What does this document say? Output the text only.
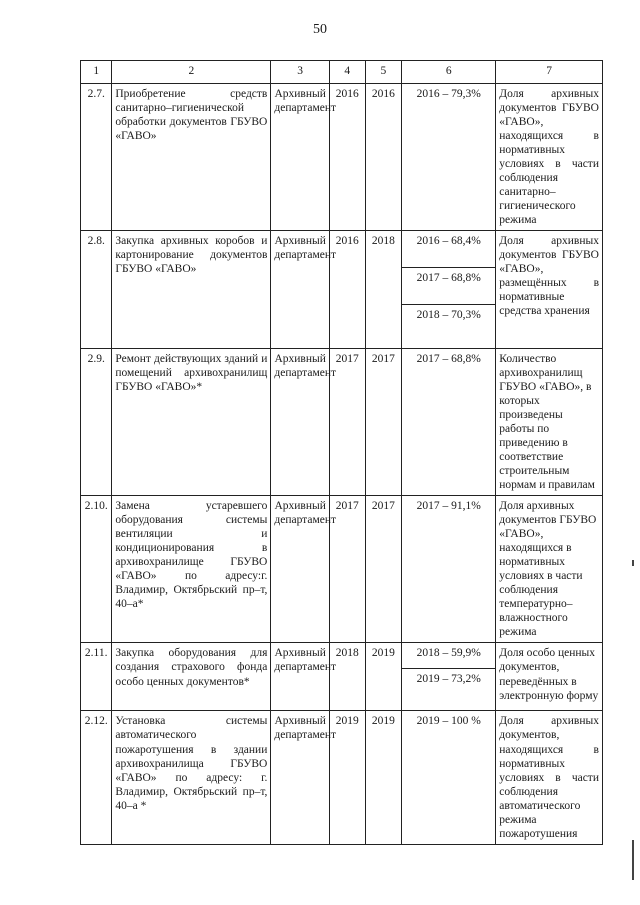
50
1	2	3	4	5	6	7
2.7.	Приобретение средств санитарно–гигиенической обработки документов ГБУВО «ГАВО»	Архивный департамент	2016	2016	2016 – 79,3%	Доля архивных документов ГБУВО «ГАВО», находящихся в нормативных условиях в части соблюдения санитарно–гигиенического режима
2.8.	Закупка архивных коробов и картонирование документов ГБУВО «ГАВО»	Архивный департамент	2016	2018	2016 – 68,4%	Доля архивных документов ГБУВО «ГАВО», размещённых в нормативные средства хранения
					2017 – 68,8%	
					2018 – 70,3%	
2.9.	Ремонт действующих зданий и помещений архивохранилищ ГБУВО «ГАВО»*	Архивный департамент	2017	2017	2017 – 68,8%	Количество архивохранилищ ГБУВО «ГАВО», в которых произведены работы по приведению в соответствие строительным нормам и правилам
2.10.	Замена устаревшего оборудования системы вентиляции и кондиционирования в архивохранилище ГБУВО «ГАВО» по адресу:г. Владимир, Октябрьский пр–т, 40–а*	Архивный департамент	2017	2017	2017 – 91,1%	Доля архивных документов ГБУВО «ГАВО», находящихся в нормативных условиях в части соблюдения температурно–влажностного режима
2.11.	Закупка оборудования для создания страхового фонда особо ценных документов*	Архивный департамент	2018	2019	2018 – 59,9%	Доля особо ценных документов, переведённых в электронную форму
					2019 – 73,2%	
2.12.	Установка системы автоматического пожаротушения в здании архивохранилища ГБУВО «ГАВО» по адресу: г. Владимир, Октябрьский пр–т, 40–а *	Архивный департамент	2019	2019	2019 – 100 %	Доля архивных документов, находящихся в нормативных условиях в части соблюдения автоматического режима пожаротушения
